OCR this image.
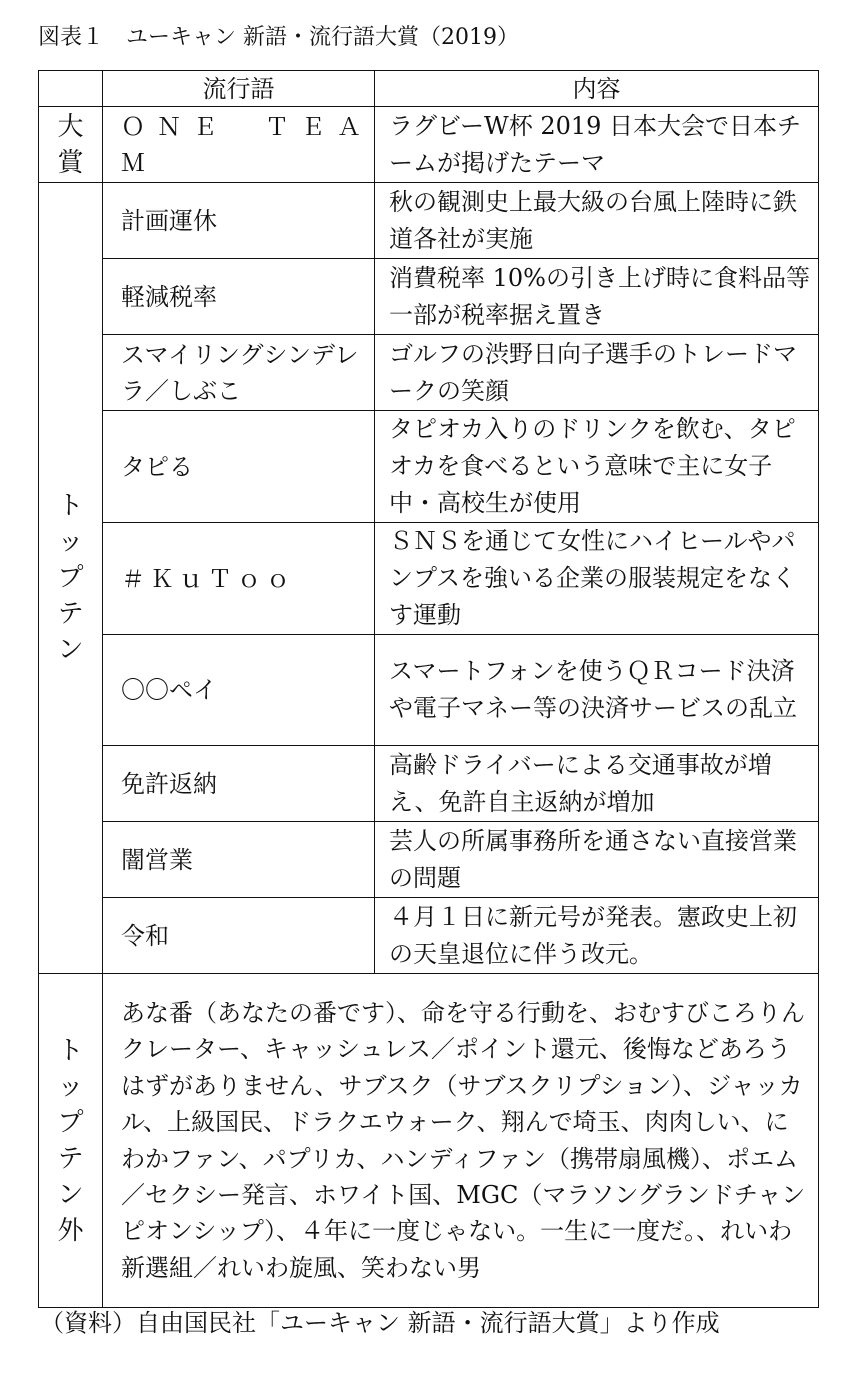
図表１　ユーキャン 新語・流行語大賞（2019）
	流行語	内容
大賞	ＯＮＥ　ＴＥＡＭ	ラグビーW杯 2019 日本大会で日本チームが掲げたテーマ
トップテン	計画運休	秋の観測史上最大級の台風上陸時に鉄道各社が実施
	軽減税率	消費税率 10%の引き上げ時に食料品等一部が税率据え置き
	スマイリングシンデレラ／しぶこ	ゴルフの渋野日向子選手のトレードマークの笑顔
	タピる	タピオカ入りのドリンクを飲む、タピオカを食べるという意味で主に女子中・高校生が使用
	＃ＫｕＴｏｏ	ＳＮＳを通じて女性にハイヒールやパンプスを強いる企業の服装規定をなくす運動
	〇〇ペイ	スマートフォンを使うＱＲコード決済や電子マネー等の決済サービスの乱立
	免許返納	高齢ドライバーによる交通事故が増え、免許自主返納が増加
	闇営業	芸人の所属事務所を通さない直接営業の問題
	令和	４月１日に新元号が発表。憲政史上初の天皇退位に伴う改元。
トップテン外	あな番（あなたの番です）、命を守る行動を、おむすびころりんクレーター、キャッシュレス／ポイント還元、後悔などあろうはずがありません、サブスク（サブスクリプション）、ジャッカル、上級国民、ドラクエウォーク、翔んで埼玉、肉肉しい、にわかファン、パプリカ、ハンディファン（携帯扇風機）、ポエム／セクシー発言、ホワイト国、MGC（マラソングランドチャンピオンシップ）、４年に一度じゃない。一生に一度だ。、れいわ新選組／れいわ旋風、笑わない男	
（資料）自由国民社「ユーキャン 新語・流行語大賞」より作成
